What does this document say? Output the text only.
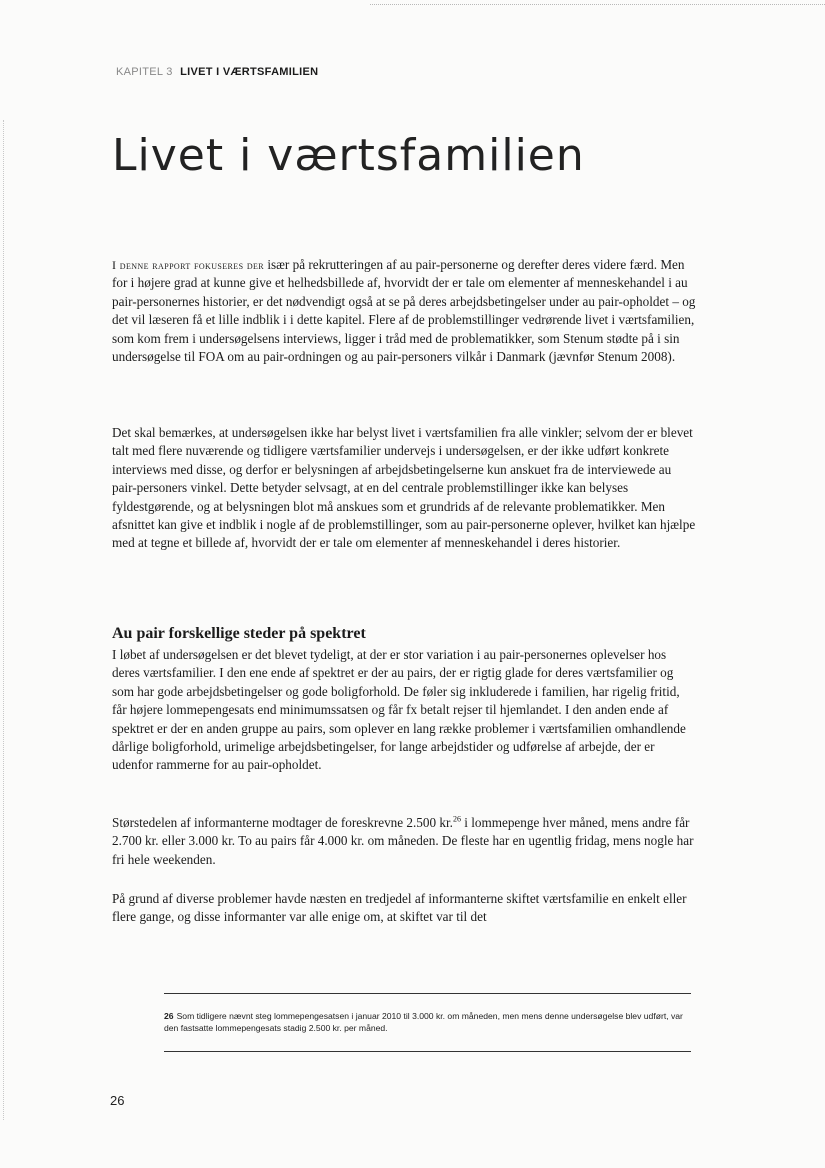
KAPITEL 3 LIVET I VÆRTSFAMILIEN
Livet i værtsfamilien

I denne rapport fokuseres der især på rekrutteringen af au pair-personerne og derefter deres videre færd. Men for i højere grad at kunne give et helhedsbillede af, hvorvidt der er tale om elementer af menneskehandel i au pair-personernes historier, er det nødvendigt også at se på deres arbejdsbetingelser under au pair-opholdet – og det vil læseren få et lille indblik i i dette kapitel. Flere af de problemstillinger vedrørende livet i værtsfamilien, som kom frem i undersøgelsens interviews, ligger i tråd med de problematikker, som Stenum stødte på i sin undersøgelse til FOA om au pair-ordningen og au pair-personers vilkår i Danmark (jævnfør Stenum 2008).

Det skal bemærkes, at undersøgelsen ikke har belyst livet i værtsfamilien fra alle vinkler; selvom der er blevet talt med flere nuværende og tidligere værtsfamilier undervejs i undersøgelsen, er der ikke udført konkrete interviews med disse, og derfor er belysningen af arbejdsbetingelserne kun anskuet fra de interviewede au pair-personers vinkel. Dette betyder selvsagt, at en del centrale problemstillinger ikke kan belyses fyldestgørende, og at belysningen blot må anskues som et grundrids af de relevante problematikker. Men afsnittet kan give et indblik i nogle af de problemstillinger, som au pair-personerne oplever, hvilket kan hjælpe med at tegne et billede af, hvorvidt der er tale om elementer af menneskehandel i deres historier.

Au pair forskellige steder på spektret

I løbet af undersøgelsen er det blevet tydeligt, at der er stor variation i au pair-personernes oplevelser hos deres værtsfamilier. I den ene ende af spektret er der au pairs, der er rigtig glade for deres værtsfamilier og som har gode arbejdsbetingelser og gode boligforhold. De føler sig inkluderede i familien, har rigelig fritid, får højere lommepengesats end minimumssatsen og får fx betalt rejser til hjemlandet. I den anden ende af spektret er der en anden gruppe au pairs, som oplever en lang række problemer i værtsfamilien omhandlende dårlige boligforhold, urimelige arbejdsbetingelser, for lange arbejdstider og udførelse af arbejde, der er udenfor rammerne for au pair-opholdet.

Størstedelen af informanterne modtager de foreskrevne 2.500 kr.$^{26}$ i lommepenge hver måned, mens andre får 2.700 kr. eller 3.000 kr. To au pairs får 4.000 kr. om måneden. De fleste har en ugentlig fridag, mens nogle har fri hele weekenden.

På grund af diverse problemer havde næsten en tredjedel af informanterne skiftet værtsfamilie en enkelt eller flere gange, og disse informanter var alle enige om, at skiftet var til det

26 Som tidligere nævnt steg lommepengesatsen i januar 2010 til 3.000 kr. om måneden, men mens denne undersøgelse blev udført, var den fastsatte lommepengesats stadig 2.500 kr. per måned.

26
